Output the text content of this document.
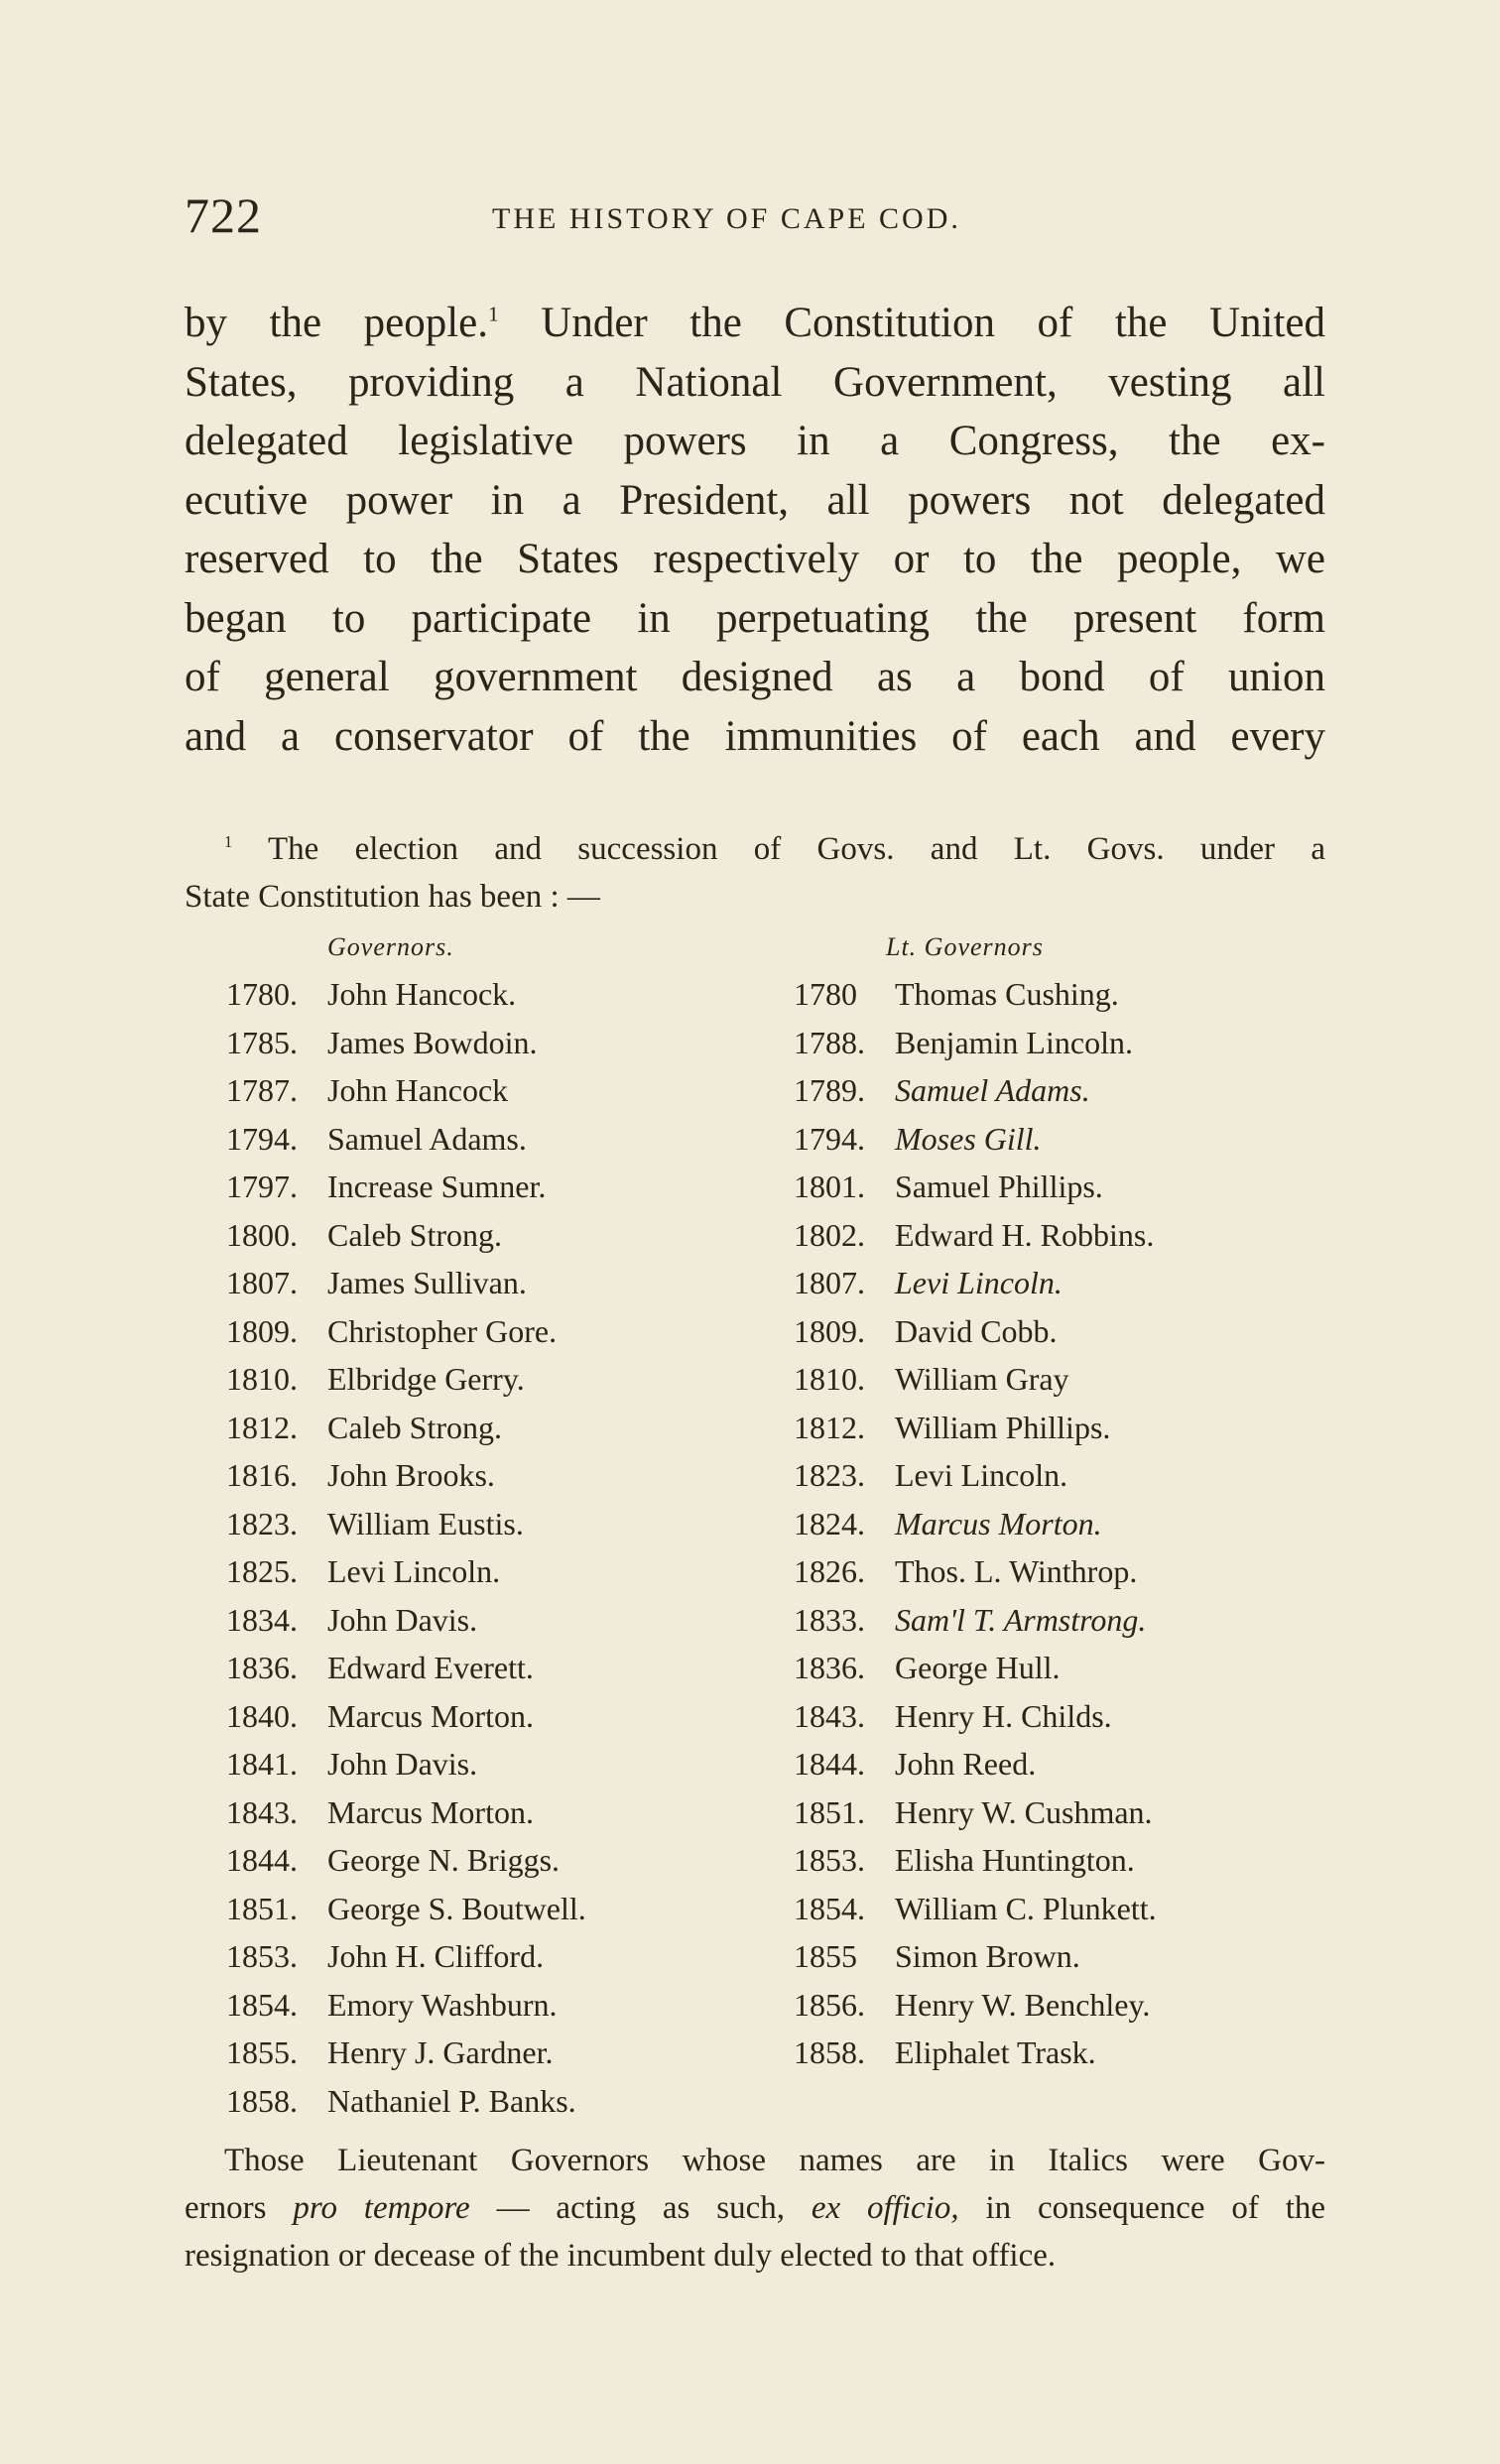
722	THE HISTORY OF CAPE COD.
by the people.$^1$ Under the Constitution of the United
States, providing a National Government, vesting all
delegated legislative powers in a Congress, the ex-
ecutive power in a President, all powers not delegated
reserved to the States respectively or to the people, we
began to participate in perpetuating the present form
of general government designed as a bond of union
and a conservator of the immunities of each and every
$^1$ The election and succession of Govs. and Lt. Govs. under a
State Constitution has been : —
Governors.	Lt. Governors
1780. John Hancock.
1785. James Bowdoin.
1787. John Hancock
1794. Samuel Adams.
1797. Increase Sumner.
1800. Caleb Strong.
1807. James Sullivan.
1809. Christopher Gore.
1810. Elbridge Gerry.
1812. Caleb Strong.
1816. John Brooks.
1823. William Eustis.
1825. Levi Lincoln.
1834. John Davis.
1836. Edward Everett.
1840. Marcus Morton.
1841. John Davis.
1843. Marcus Morton.
1844. George N. Briggs.
1851. George S. Boutwell.
1853. John H. Clifford.
1854. Emory Washburn.
1855. Henry J. Gardner.
1858. Nathaniel P. Banks.
1780 Thomas Cushing.
1788. Benjamin Lincoln.
1789. Samuel Adams.
1794. Moses Gill.
1801. Samuel Phillips.
1802. Edward H. Robbins.
1807. Levi Lincoln.
1809. David Cobb.
1810. William Gray
1812. William Phillips.
1823. Levi Lincoln.
1824. Marcus Morton.
1826. Thos. L. Winthrop.
1833. Sam'l T. Armstrong.
1836. George Hull.
1843. Henry H. Childs.
1844. John Reed.
1851. Henry W. Cushman.
1853. Elisha Huntington.
1854. William C. Plunkett.
1855 Simon Brown.
1856. Henry W. Benchley.
1858. Eliphalet Trask.
Those Lieutenant Governors whose names are in Italics were Gov-
ernors pro tempore — acting as such, ex officio, in consequence of the
resignation or decease of the incumbent duly elected to that office.
